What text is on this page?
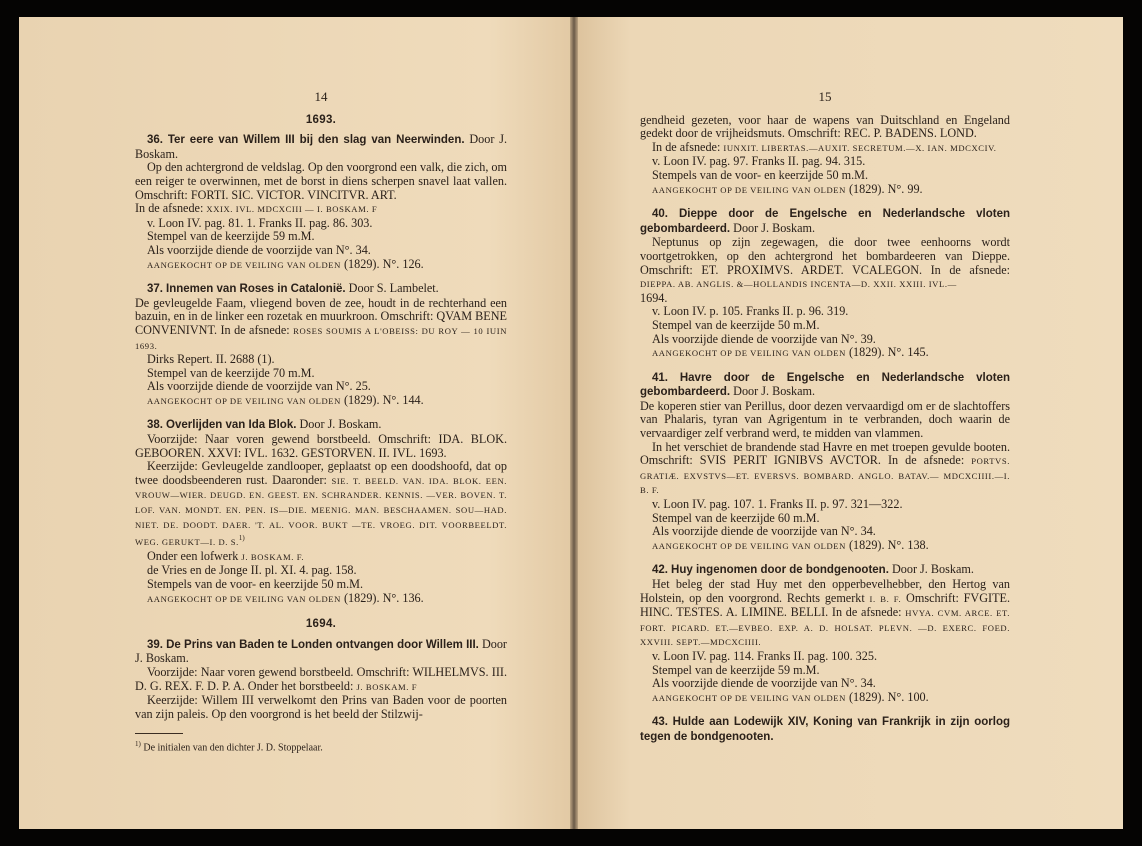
14

1693.

36. Ter eere van Willem III bij den slag van Neerwinden. Door J. Boskam.

Op den achtergrond de veldslag. Op den voorgrond een valk, die zich, om een reiger te overwinnen, met de borst in diens scherpen snavel laat vallen. Omschrift: FORTI. SIC. VICTOR. VINCITVR. ART.

In de afsnede: XXIX. IVL. MDCXCIII — I. BOSKAM. F

v. Loon IV. pag. 81. 1. Franks II. pag. 86. 303.

Stempel van de keerzijde 59 m.M.

Als voorzijde diende de voorzijde van N°. 34.

AANGEKOCHT OP DE VEILING VAN OLDEN (1829). N°. 126.

37. Innemen van Roses in Catalonië. Door S. Lambelet.

De gevleugelde Faam, vliegend boven de zee, houdt in de rechterhand een bazuin, en in de linker een rozetak en muurkroon. Omschrift: QVAM BENE CONVENIVNT. In de afsnede: ROSES SOUMIS A L'OBEISS: DU ROY — 10 IUIN 1693.

Dirks Repert. II. 2688 (1).

Stempel van de keerzijde 70 m.M.

Als voorzijde diende de voorzijde van N°. 25.

AANGEKOCHT OP DE VEILING VAN OLDEN (1829). N°. 144.

38. Overlijden van Ida Blok. Door J. Boskam.

Voorzijde: Naar voren gewend borstbeeld. Omschrift: IDA. BLOK. GEBOOREN. XXVI: IVL. 1632. GESTORVEN. II. IVL. 1693.

Keerzijde: Gevleugelde zandlooper, geplaatst op een doodshoofd, dat op twee doodsbeenderen rust. Daaronder: SIE. T. BEELD. VAN. IDA. BLOK. EEN. VROUW—WIER. DEUGD. EN. GEEST. EN. SCHRANDER. KENNIS. —VER. BOVEN. T. LOF. VAN. MONDT. EN. PEN. IS—DIE. MEENIG. MAN. BESCHAAMEN. SOU—HAD. NIET. DE. DOODT. DAER. 'T. AL. VOOR. BUKT —TE. VROEG. DIT. VOORBEELDT. WEG. GERUKT—I. D. S.$^{1)}$

Onder een lofwerk J. BOSKAM. F.

de Vries en de Jonge II. pl. XI. 4. pag. 158.

Stempels van de voor- en keerzijde 50 m.M.

AANGEKOCHT OP DE VEILING VAN OLDEN (1829). N°. 136.

1694.

39. De Prins van Baden te Londen ontvangen door Willem III. Door J. Boskam.

Voorzijde: Naar voren gewend borstbeeld. Omschrift: WILHELMVS. III. D. G. REX. F. D. P. A. Onder het borstbeeld: J. BOSKAM. F

Keerzijde: Willem III verwelkomt den Prins van Baden voor de poorten van zijn paleis. Op den voorgrond is het beeld der Stilzwij-

$^{1)}$ De initialen van den dichter J. D. Stoppelaar.

15

gendheid gezeten, voor haar de wapens van Duitschland en Engeland gedekt door de vrijheidsmuts. Omschrift: REC. P. BADENS. LOND.

In de afsnede: IUNXIT. LIBERTAS.—AUXIT. SECRETUM.—X. IAN. MDCXCIV.

v. Loon IV. pag. 97. Franks II. pag. 94. 315.

Stempels van de voor- en keerzijde 50 m.M.

AANGEKOCHT OP DE VEILING VAN OLDEN (1829). N°. 99.

40. Dieppe door de Engelsche en Nederlandsche vloten gebombardeerd. Door J. Boskam.

Neptunus op zijn zegewagen, die door twee eenhoorns wordt voortgetrokken, op den achtergrond het bombardeeren van Dieppe. Omschrift: ET. PROXIMVS. ARDET. VCALEGON. In de afsnede: DIEPPA. AB. ANGLIS. &—HOLLANDIS INCENTA—D. XXII. XXIII. IVL.—

1694.

v. Loon IV. p. 105. Franks II. p. 96. 319.

Stempel van de keerzijde 50 m.M.

Als voorzijde diende de voorzijde van N°. 39.

AANGEKOCHT OP DE VEILING VAN OLDEN (1829). N°. 145.

41. Havre door de Engelsche en Nederlandsche vloten gebombardeerd. Door J. Boskam.

De koperen stier van Perillus, door dezen vervaardigd om er de slachtoffers van Phalaris, tyran van Agrigentum in te verbranden, doch waarin de vervaardiger zelf verbrand werd, te midden van vlammen.

In het verschiet de brandende stad Havre en met troepen gevulde booten. Omschrift: SVIS PERIT IGNIBVS AVCTOR. In de afsnede: PORTVS. GRATIÆ. EXVSTVS—ET. EVERSVS. BOMBARD. ANGLO. BATAV.— MDCXCIIII.—I. B. F.

v. Loon IV. pag. 107. 1. Franks II. p. 97. 321—322.

Stempel van de keerzijde 60 m.M.

Als voorzijde diende de voorzijde van N°. 34.

AANGEKOCHT OP DE VEILING VAN OLDEN (1829). N°. 138.

42. Huy ingenomen door de bondgenooten. Door J. Boskam.

Het beleg der stad Huy met den opperbevelhebber, den Hertog van Holstein, op den voorgrond. Rechts gemerkt I. B. F. Omschrift: FVGITE. HINC. TESTES. A. LIMINE. BELLI. In de afsnede: HVYA. CVM. ARCE. ET. FORT. PICARD. ET.—EVBEO. EXP. A. D. HOLSAT. PLEVN. —D. EXERC. FOED. XXVIII. SEPT.—MDCXCIIII.

v. Loon IV. pag. 114. Franks II. pag. 100. 325.

Stempel van de keerzijde 59 m.M.

Als voorzijde diende de voorzijde van N°. 34.

AANGEKOCHT OP DE VEILING VAN OLDEN (1829). N°. 100.

43. Hulde aan Lodewijk XIV, Koning van Frankrijk in zijn oorlog tegen de bondgenooten.
